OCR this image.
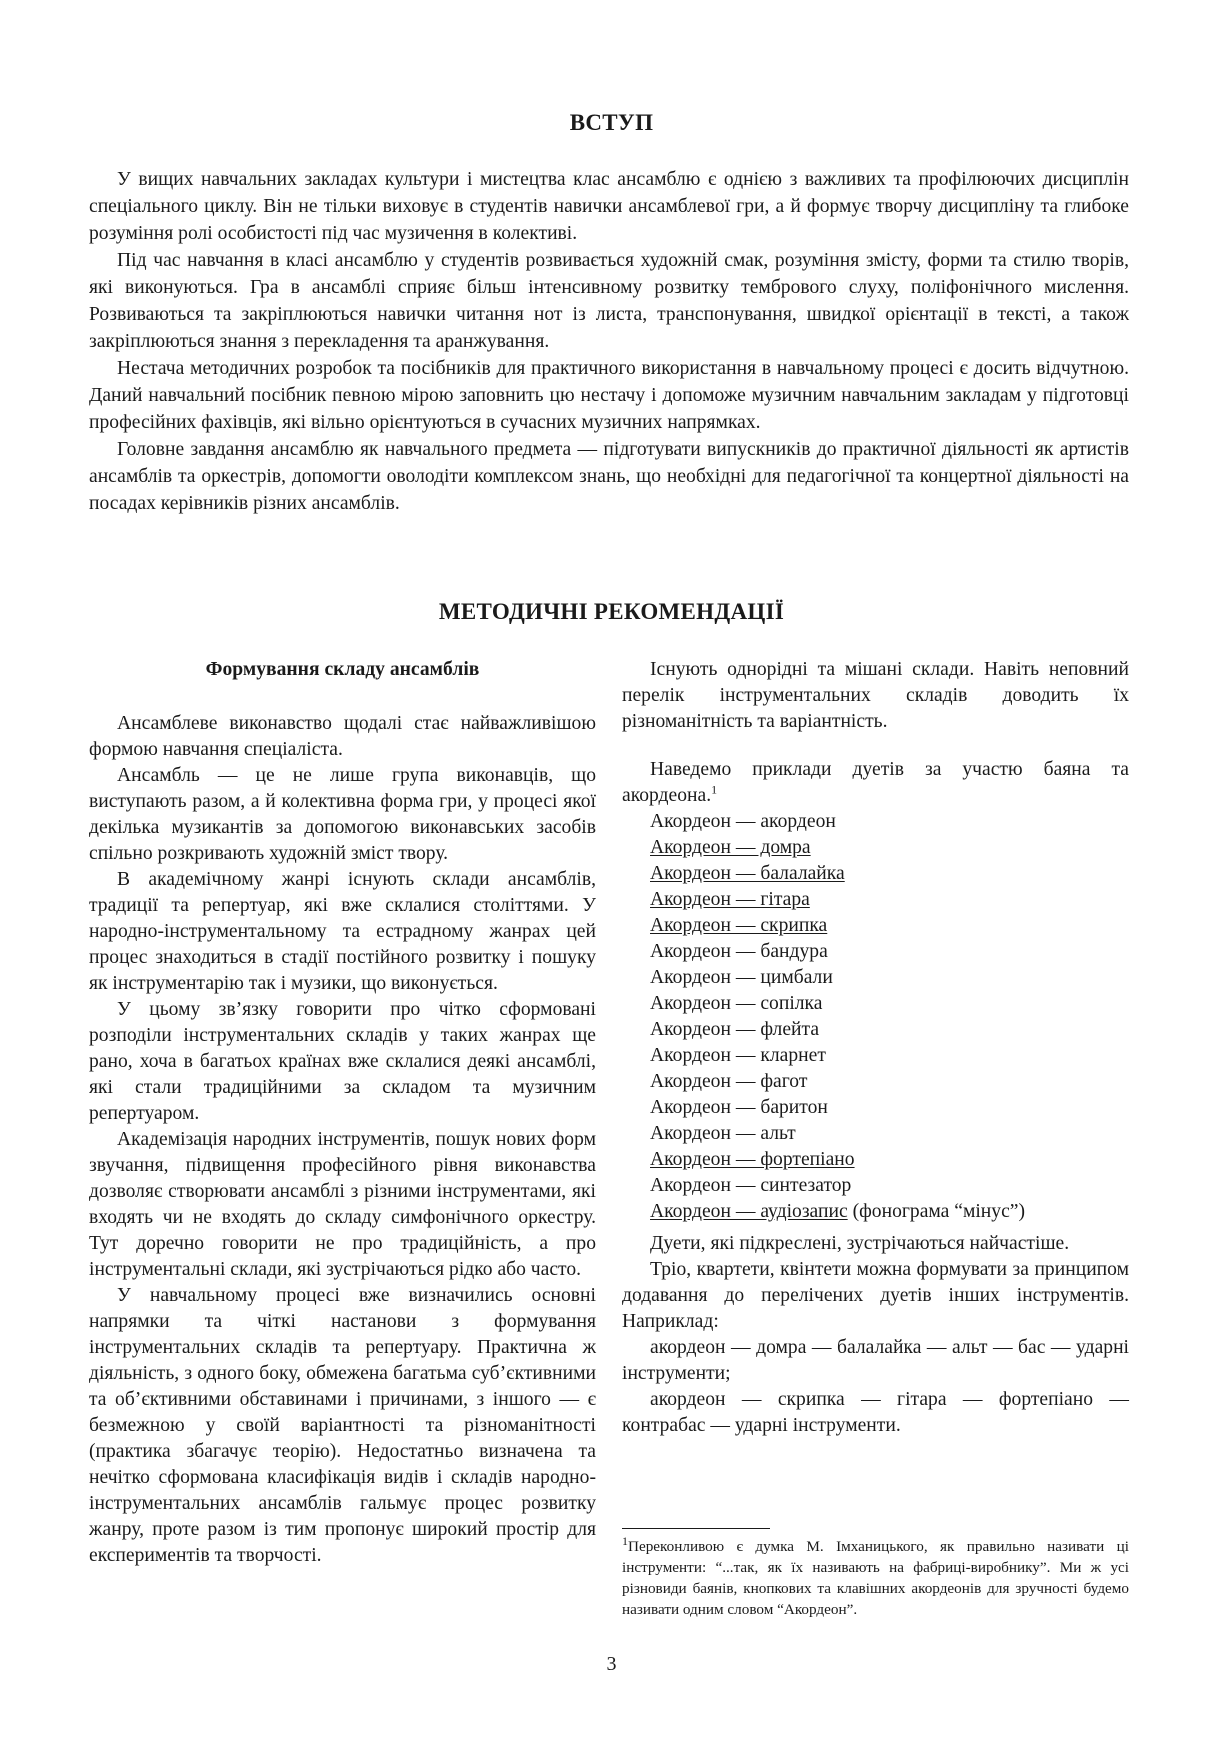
ВСТУП

У вищих навчальних закладах культури і мистецтва клас ансамблю є однією з важливих та профілюючих дисциплін спеціального циклу. Він не тільки виховує в студентів навички ансамблевої гри, а й формує творчу дисципліну та глибоке розуміння ролі особистості під час музичення в колективі.

Під час навчання в класі ансамблю у студентів розвивається художній смак, розуміння змісту, форми та стилю творів, які виконуються. Гра в ансамблі сприяє більш інтенсивному розвитку тембрового слуху, поліфонічного мислення. Розвиваються та закріплюються навички читання нот із листа, транспонування, швидкої орієнтації в тексті, а також закріплюються знання з перекладення та аранжування.

Нестача методичних розробок та посібників для практичного використання в навчальному процесі є досить відчутною. Даний навчальний посібник певною мірою заповнить цю нестачу і допоможе музичним навчальним закладам у підготовці професійних фахівців, які вільно орієнтуються в сучасних музичних напрямках.

Головне завдання ансамблю як навчального предмета — підготувати випускників до практичної діяльності як артистів ансамблів та оркестрів, допомогти оволодіти комплексом знань, що необхідні для педагогічної та концертної діяльності на посадах керівників різних ансамблів.

МЕТОДИЧНІ РЕКОМЕНДАЦІЇ

Формування складу ансамблів

Ансамблеве виконавство щодалі стає найважливішою формою навчання спеціаліста.

Ансамбль — це не лише група виконавців, що виступають разом, а й колективна форма гри, у процесі якої декілька музикантів за допомогою виконавських засобів спільно розкривають художній зміст твору.

В академічному жанрі існують склади ансамблів, традиції та репертуар, які вже склалися століттями. У народно-інструментальному та естрадному жанрах цей процес знаходиться в стадії постійного розвитку і пошуку як інструментарію так і музики, що виконується.

У цьому зв’язку говорити про чітко сформовані розподіли інструментальних складів у таких жанрах ще рано, хоча в багатьох країнах вже склалися деякі ансамблі, які стали традиційними за складом та музичним репертуаром.

Академізація народних інструментів, пошук нових форм звучання, підвищення професійного рівня виконавства дозволяє створювати ансамблі з різними інструментами, які входять чи не входять до складу симфонічного оркестру. Тут доречно говорити не про традиційність, а про інструментальні склади, які зустрічаються рідко або часто.

У навчальному процесі вже визначились основні напрямки та чіткі настанови з формування інструментальних складів та репертуару. Практична ж діяльність, з одного боку, обмежена багатьма суб’єктивними та об’єктивними обставинами і причинами, з іншого — є безмежною у своїй варіантності та різноманітності (практика збагачує теорію). Недостатньо визначена та нечітко сформована класифікація видів і складів народно-інструментальних ансамблів гальмує процес розвитку жанру, проте разом із тим пропонує широкий простір для експериментів та творчості.

Існують однорідні та мішані склади. Навіть неповний перелік інструментальних складів доводить їх різноманітність та варіантність.

Наведемо приклади дуетів за участю баяна та акордеона.$^1$

Акордеон — акордеон
Акордеон — домра
Акордеон — балалайка
Акордеон — гітара
Акордеон — скрипка
Акордеон — бандура
Акордеон — цимбали
Акордеон — сопілка
Акордеон — флейта
Акордеон — кларнет
Акордеон — фагот
Акордеон — баритон
Акордеон — альт
Акордеон — фортепіано
Акордеон — синтезатор
Акордеон — аудіозапис (фонограма “мінус”)

Дуети, які підкреслені, зустрічаються найчастіше.

Тріо, квартети, квінтети можна формувати за принципом додавання до перелічених дуетів інших інструментів. Наприклад:

акордеон — домра — балалайка — альт — бас — ударні інструменти;

акордеон — скрипка — гітара — фортепіано — контрабас — ударні інструменти.

$^1$Переконливою є думка М. Імханицького, як правильно називати ці інструменти: “...так, як їх називають на фабриці-виробнику”. Ми ж усі різновиди баянів, кнопкових та клавішних акордеонів для зручності будемо називати одним словом “Акордеон”.

3
